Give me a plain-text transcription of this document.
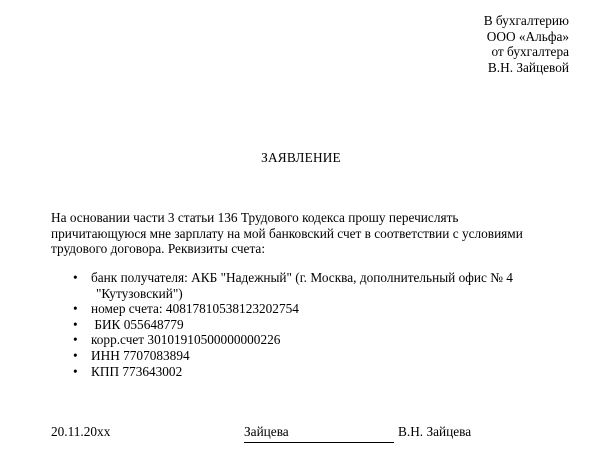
В бухгалтерию
ООО «Альфа»
от бухгалтера
В.Н. Зайцевой
ЗАЯВЛЕНИЕ
На основании части 3 статьи 136 Трудового кодекса прошу перечислять
причитающуюся мне зарплату на мой банковский счет в соответствии с условиями
трудового договора. Реквизиты счета:
• банк получателя: АКБ "Надежный" (г. Москва, дополнительный офис № 4
"Кутузовский")
• номер счета: 40817810538123202754
• БИК 055648779
• корр.счет 30101910500000000226
• ИНН 7707083894
• КПП 773643002
20.11.20хх	Зайцева	В.Н. Зайцева
